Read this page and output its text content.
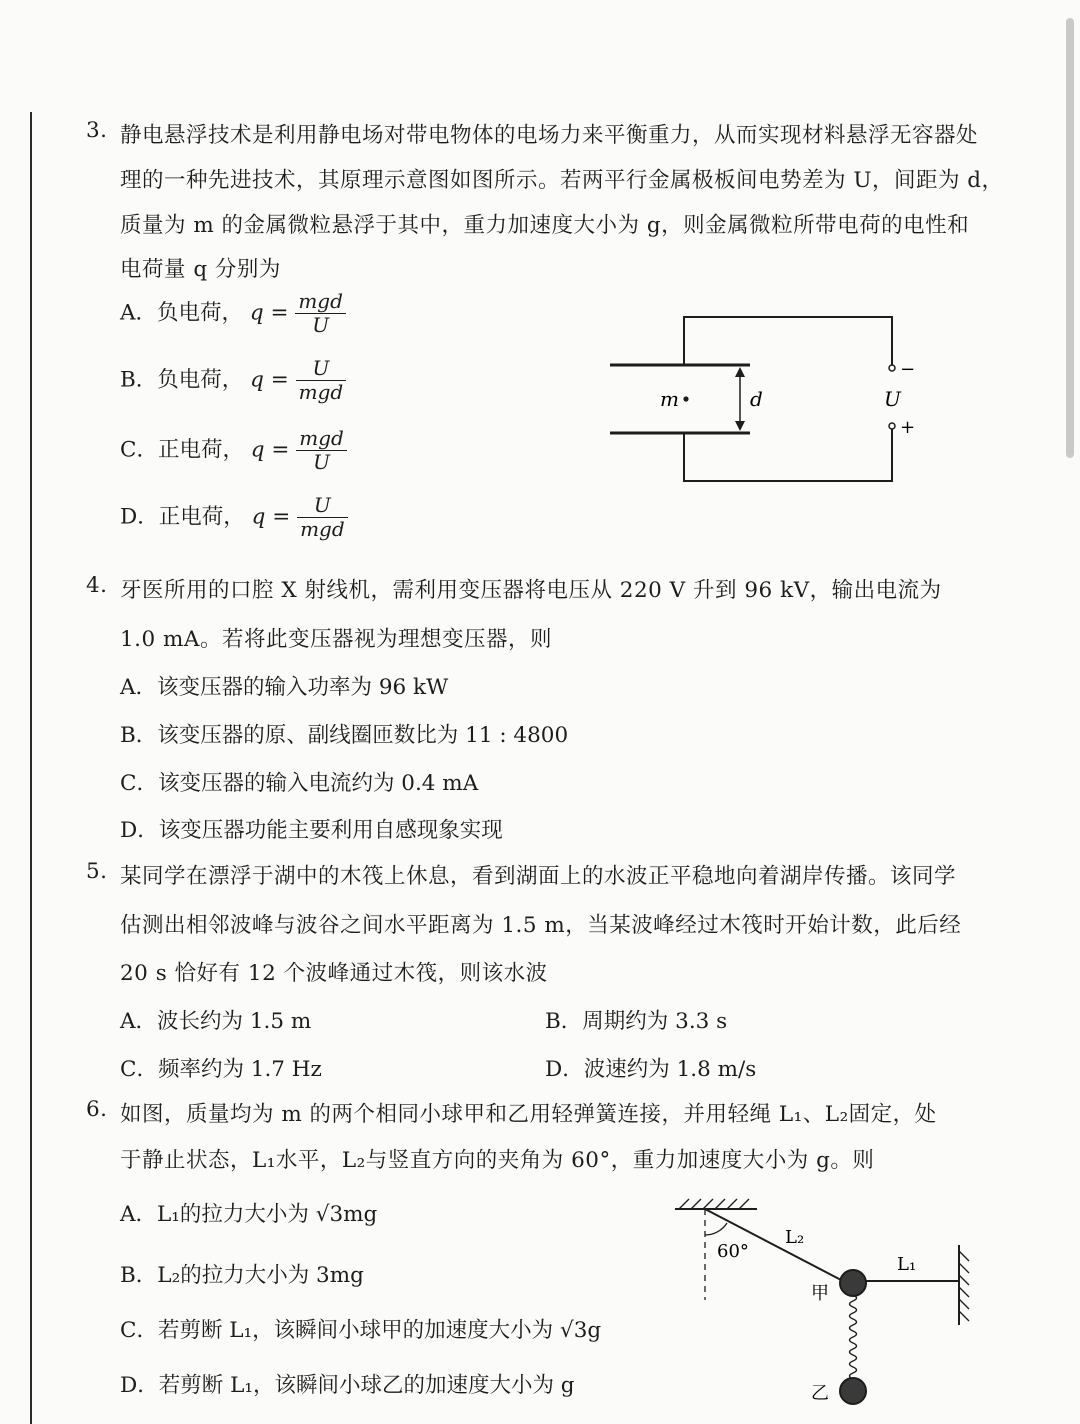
3. 静电悬浮技术是利用静电场对带电物体的电场力来平衡重力，从而实现材料悬浮无容器处
理的一种先进技术，其原理示意图如图所示。若两平行金属极板间电势差为 U，间距为 d，
质量为 m 的金属微粒悬浮于其中，重力加速度大小为 g，则金属微粒所带电荷的电性和
电荷量 q 分别为
A．负电荷， $q = \frac{\text{mgd}}{U}$
B．负电荷， $q = \frac{U}{\text{mgd}}$
C．正电荷， $q = \frac{\text{mgd}}{U}$
D．正电荷， $q = \frac{U}{\text{mgd}}$
m	d	U
−
+
4. 牙医所用的口腔 X 射线机，需利用变压器将电压从 220 V 升到 96 kV，输出电流为
1.0 mA。若将此变压器视为理想变压器，则
A．该变压器的输入功率为 96 kW
B．该变压器的原、副线圈匝数比为 11 : 4800
C．该变压器的输入电流约为 0.4 mA
D．该变压器功能主要利用自感现象实现
5. 某同学在漂浮于湖中的木筏上休息，看到湖面上的水波正平稳地向着湖岸传播。该同学
估测出相邻波峰与波谷之间水平距离为 1.5 m，当某波峰经过木筏时开始计数，此后经
20 s 恰好有 12 个波峰通过木筏，则该水波
A．波长约为 1.5 m	B．周期约为 3.3 s
C．频率约为 1.7 Hz	D．波速约为 1.8 m/s
6. 如图，质量均为 m 的两个相同小球甲和乙用轻弹簧连接，并用轻绳 L₁、L₂固定，处
于静止状态，L₁水平，L₂与竖直方向的夹角为 60°，重力加速度大小为 g。则
A．L₁的拉力大小为 √3mg
B．L₂的拉力大小为 3mg
C．若剪断 L₁，该瞬间小球甲的加速度大小为 √3g
D．若剪断 L₁，该瞬间小球乙的加速度大小为 g
60°
L₂
L₁
甲
乙
